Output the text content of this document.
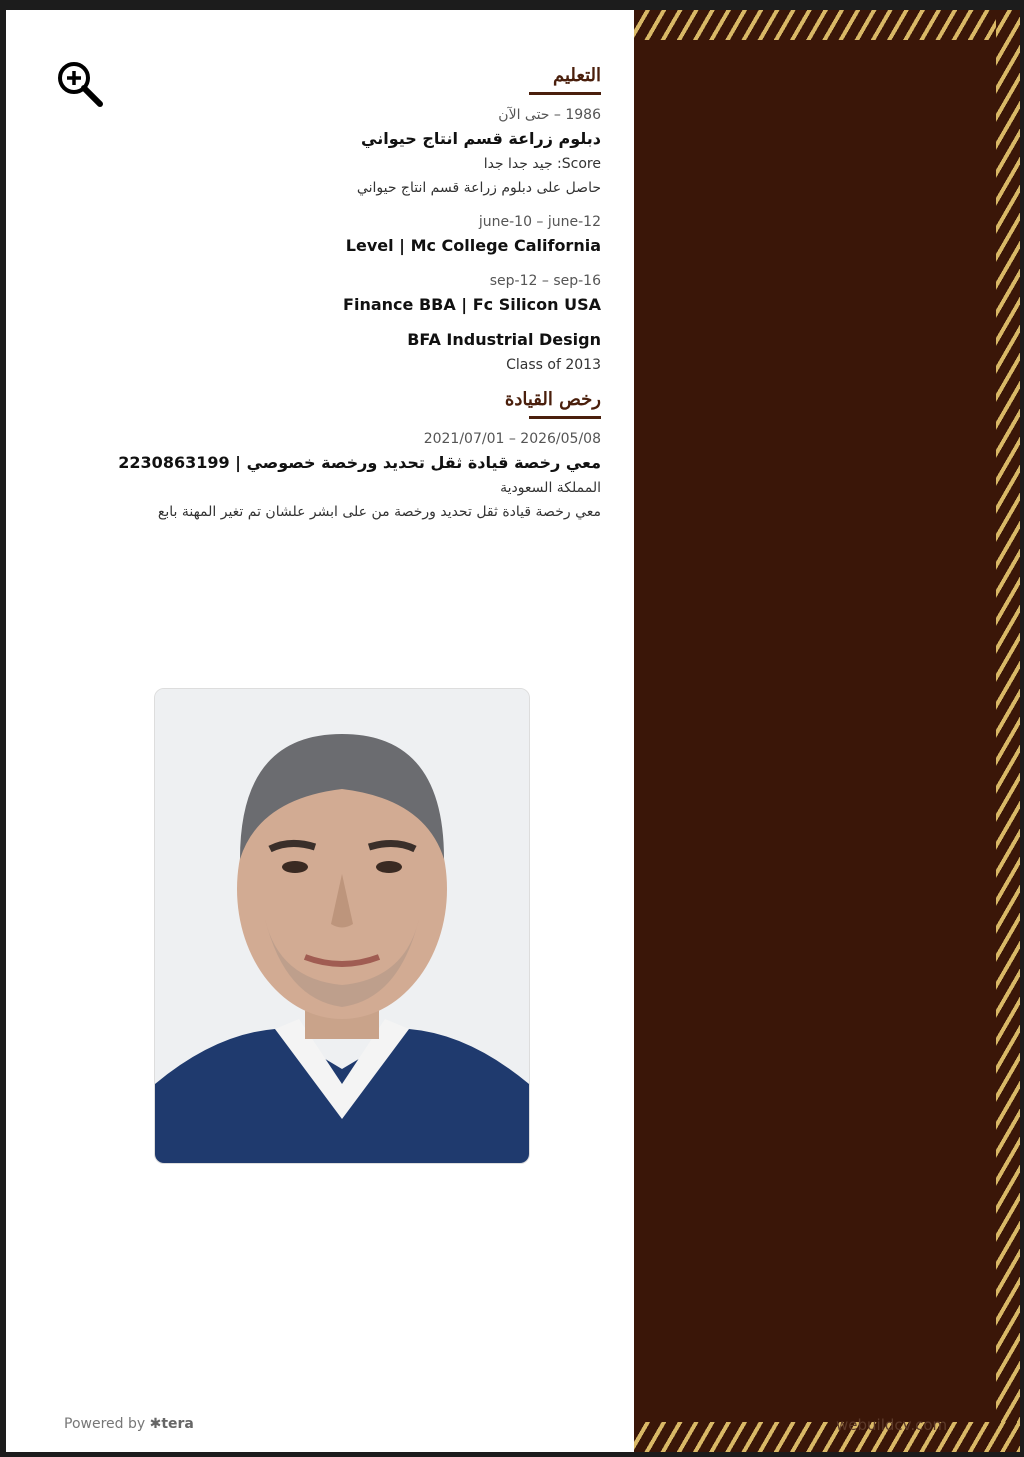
التعليم
1986 – حتى الآن
دبلوم زراعة قسم انتاج حيواني
Score: جيد جدا جدا
حاصل على دبلوم زراعة قسم انتاج حيواني
june-10 – june-12
Level | Mc College California
sep-12 – sep-16
Finance BBA | Fc Silicon USA
BFA Industrial Design
Class of 2013
رخص القيادة
2026/05/08 – 2021/07/01
معي رخصة قيادة ثقل تحديد ورخصة خصوصي | 2230863199
المملكة السعودية
معي رخصة قيادة ثقل تحديد ورخصة من على ابشر علشان تم تغير المهنة بابع
Powered by ✱tera	webuildcv.com
